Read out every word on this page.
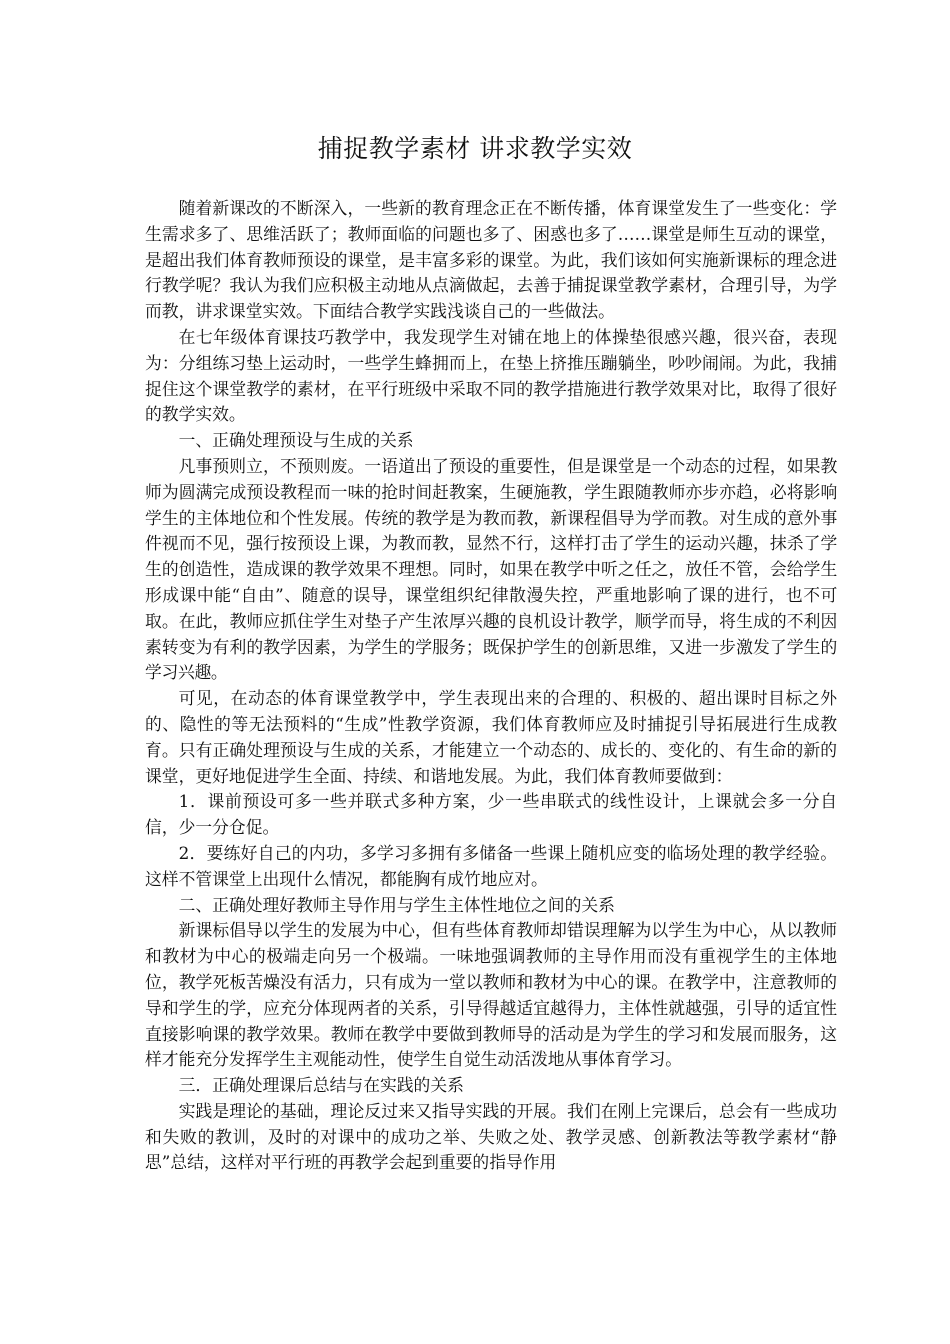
捕捉教学素材 讲求教学实效

随着新课改的不断深入，一些新的教育理念正在不断传播，体育课堂发生了一些变化：学生需求多了、思维活跃了；教师面临的问题也多了、困惑也多了……课堂是师生互动的课堂，是超出我们体育教师预设的课堂，是丰富多彩的课堂。为此，我们该如何实施新课标的理念进行教学呢？我认为我们应积极主动地从点滴做起，去善于捕捉课堂教学素材，合理引导，为学而教，讲求课堂实效。下面结合教学实践浅谈自己的一些做法。

在七年级体育课技巧教学中，我发现学生对铺在地上的体操垫很感兴趣，很兴奋，表现为：分组练习垫上运动时，一些学生蜂拥而上，在垫上挤推压蹦躺坐，吵吵闹闹。为此，我捕捉住这个课堂教学的素材，在平行班级中采取不同的教学措施进行教学效果对比，取得了很好的教学实效。

一、正确处理预设与生成的关系

凡事预则立，不预则废。一语道出了预设的重要性，但是课堂是一个动态的过程，如果教师为圆满完成预设教程而一味的抢时间赶教案，生硬施教，学生跟随教师亦步亦趋，必将影响学生的主体地位和个性发展。传统的教学是为教而教，新课程倡导为学而教。对生成的意外事件视而不见，强行按预设上课，为教而教，显然不行，这样打击了学生的运动兴趣，抹杀了学生的创造性，造成课的教学效果不理想。同时，如果在教学中听之任之，放任不管，会给学生形成课中能“自由”、随意的误导，课堂组织纪律散漫失控，严重地影响了课的进行，也不可取。在此，教师应抓住学生对垫子产生浓厚兴趣的良机设计教学，顺学而导，将生成的不利因素转变为有利的教学因素，为学生的学服务；既保护学生的创新思维，又进一步激发了学生的学习兴趣。

可见，在动态的体育课堂教学中，学生表现出来的合理的、积极的、超出课时目标之外的、隐性的等无法预料的“生成”性教学资源，我们体育教师应及时捕捉引导拓展进行生成教育。只有正确处理预设与生成的关系，才能建立一个动态的、成长的、变化的、有生命的新的课堂，更好地促进学生全面、持续、和谐地发展。为此，我们体育教师要做到：

1．课前预设可多一些并联式多种方案，少一些串联式的线性设计，上课就会多一分自信，少一分仓促。

2．要练好自己的内功，多学习多拥有多储备一些课上随机应变的临场处理的教学经验。这样不管课堂上出现什么情况，都能胸有成竹地应对。

二、正确处理好教师主导作用与学生主体性地位之间的关系

新课标倡导以学生的发展为中心，但有些体育教师却错误理解为以学生为中心，从以教师和教材为中心的极端走向另一个极端。一味地强调教师的主导作用而没有重视学生的主体地位，教学死板苦燥没有活力，只有成为一堂以教师和教材为中心的课。在教学中，注意教师的导和学生的学，应充分体现两者的关系，引导得越适宜越得力，主体性就越强，引导的适宜性直接影响课的教学效果。教师在教学中要做到教师导的活动是为学生的学习和发展而服务，这样才能充分发挥学生主观能动性，使学生自觉生动活泼地从事体育学习。

三．正确处理课后总结与在实践的关系

实践是理论的基础，理论反过来又指导实践的开展。我们在刚上完课后，总会有一些成功和失败的教训，及时的对课中的成功之举、失败之处、教学灵感、创新教法等教学素材“静思”总结，这样对平行班的再教学会起到重要的指导作用
